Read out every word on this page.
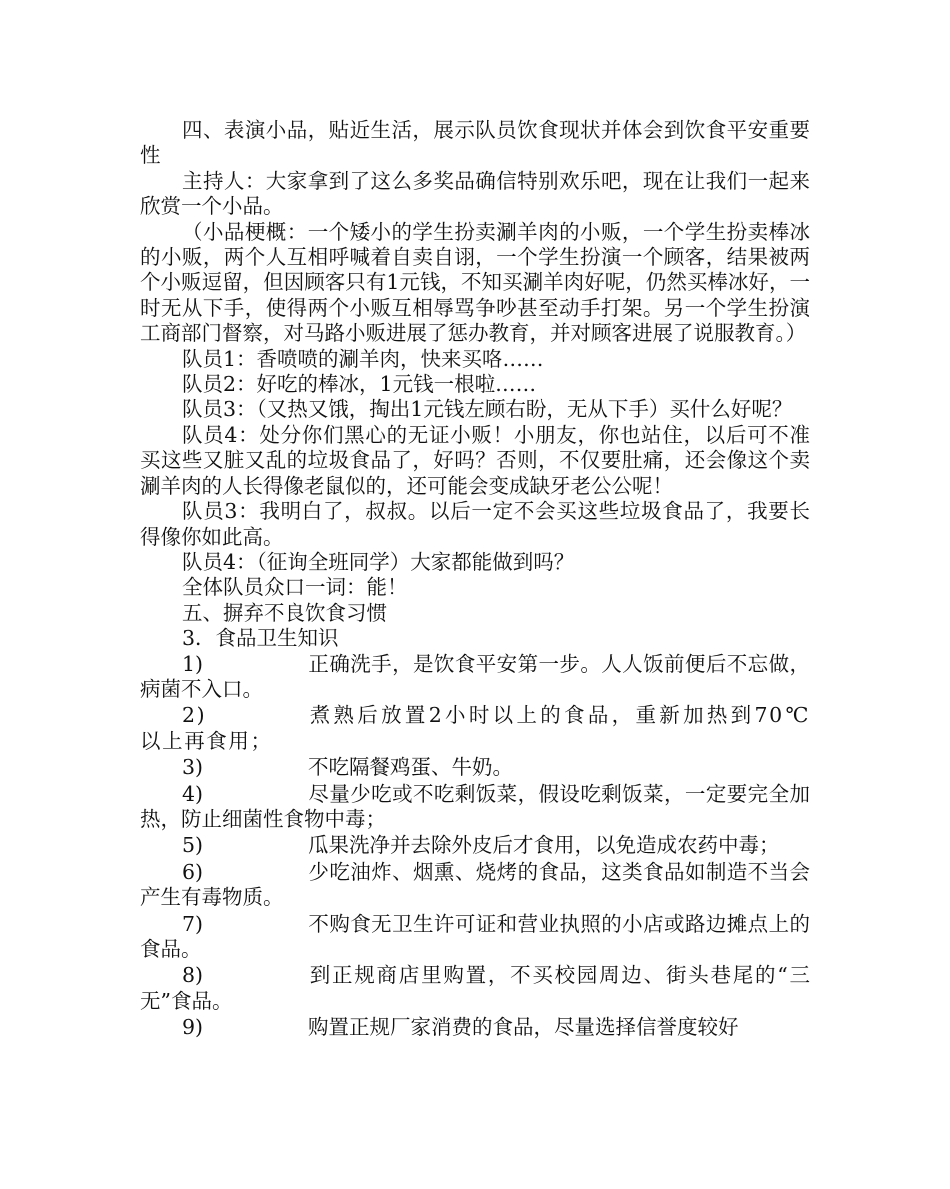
四、表演小品，贴近生活，展示队员饮食现状并体会到饮食平安重要性

主持人：大家拿到了这么多奖品确信特别欢乐吧，现在让我们一起来欣赏一个小品。

（小品梗概：一个矮小的学生扮卖涮羊肉的小贩，一个学生扮卖棒冰的小贩，两个人互相呼喊着自卖自诩，一个学生扮演一个顾客，结果被两个小贩逗留，但因顾客只有1元钱，不知买涮羊肉好呢，仍然买棒冰好，一时无从下手，使得两个小贩互相辱骂争吵甚至动手打架。另一个学生扮演工商部门督察，对马路小贩进展了惩办教育，并对顾客进展了说服教育。）

队员1：香喷喷的涮羊肉，快来买咯……

队员2：好吃的棒冰，1元钱一根啦……

队员3：（又热又饿，掏出1元钱左顾右盼，无从下手）买什么好呢？

队员4：处分你们黑心的无证小贩！小朋友，你也站住，以后可不准买这些又脏又乱的垃圾食品了，好吗？否则，不仅要肚痛，还会像这个卖涮羊肉的人长得像老鼠似的，还可能会变成缺牙老公公呢！

队员3：我明白了，叔叔。以后一定不会买这些垃圾食品了，我要长得像你如此高。

队员4：（征询全班同学）大家都能做到吗？

全体队员众口一词：能！

五、摒弃不良饮食习惯

3．食品卫生知识

1)	正确洗手，是饮食平安第一步。人人饭前便后不忘做，病菌不入口。
2)	煮熟后放置2小时以上的食品，重新加热到70℃　以上再食用；
3)	不吃隔餐鸡蛋、牛奶。
4)	尽量少吃或不吃剩饭菜，假设吃剩饭菜，一定要完全加热，防止细菌性食物中毒；
5)	瓜果洗净并去除外皮后才食用，以免造成农药中毒；
6)	少吃油炸、烟熏、烧烤的食品，这类食品如制造不当会产生有毒物质。
7)	不购食无卫生许可证和营业执照的小店或路边摊点上的食品。
8)	到正规商店里购置，不买校园周边、街头巷尾的“三无”食品。
9)	购置正规厂家消费的食品，尽量选择信誉度较好
